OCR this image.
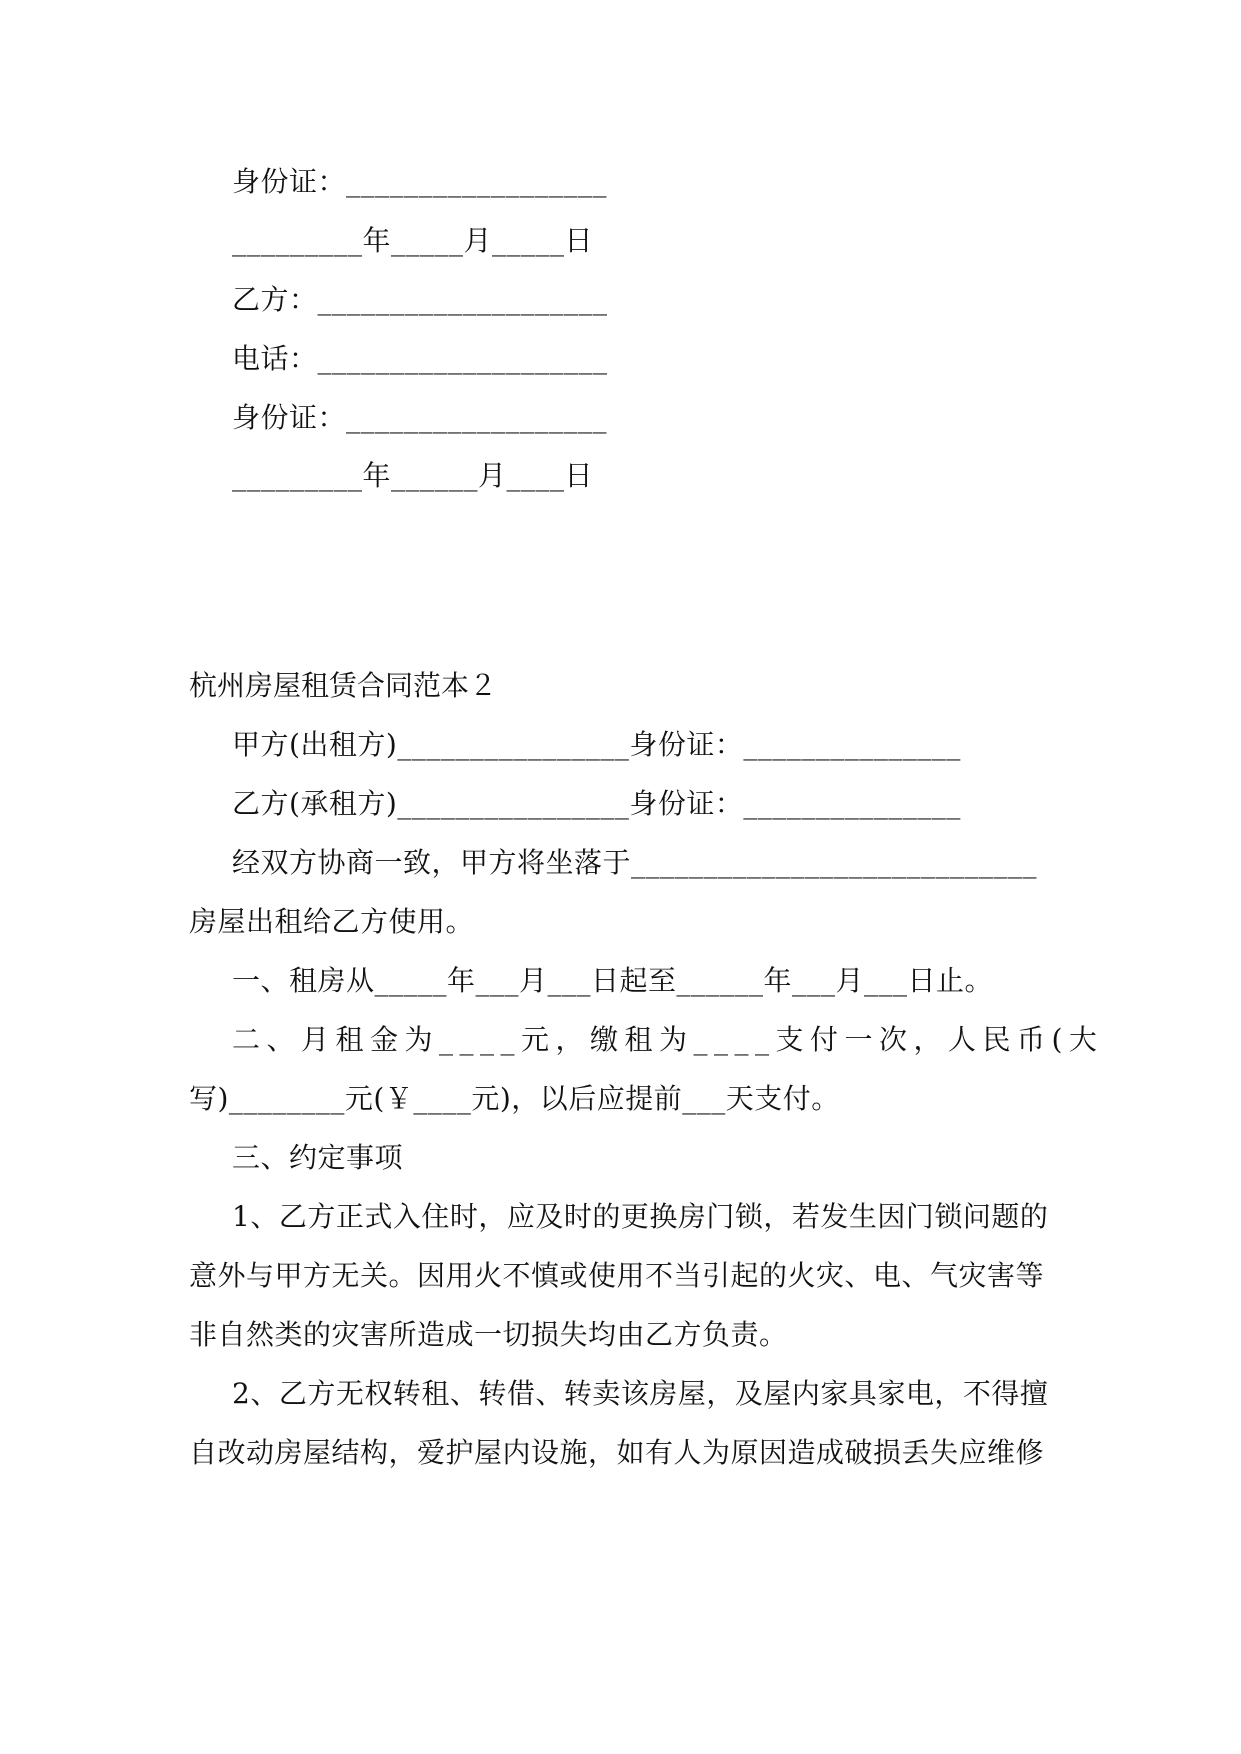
身份证：__________________
_________年_____月_____日
乙方：____________________
电话：____________________
身份证：__________________
_________年______月____日
杭州房屋租赁合同范本２
甲方(出租方)________________身份证：_______________
乙方(承租方)________________身份证：_______________
经双方协商一致，甲方将坐落于____________________________
房屋出租给乙方使用。
一、租房从_____年___月___日起至______年___月___日止。
二、月租金为____元，缴租为____支付一次，人民币(大
写)________元(￥____元)，以后应提前___天支付。
三、约定事项
1、乙方正式入住时，应及时的更换房门锁，若发生因门锁问题的
意外与甲方无关。因用火不慎或使用不当引起的火灾、电、气灾害等
非自然类的灾害所造成一切损失均由乙方负责。
2、乙方无权转租、转借、转卖该房屋，及屋内家具家电，不得擅
自改动房屋结构，爱护屋内设施，如有人为原因造成破损丢失应维修
